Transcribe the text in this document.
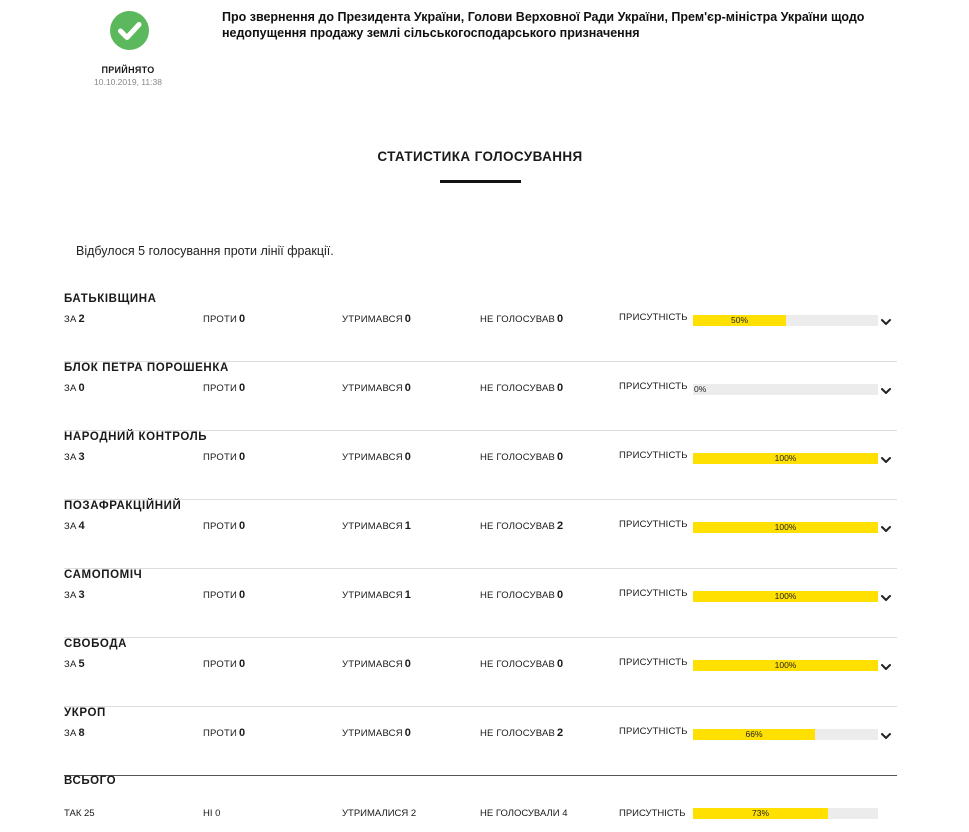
ПРИЙНЯТО
10.10.2019, 11:38
Про звернення до Президента України, Голови Верховної Ради України, Прем'єр-міністра України щодо недопущення продажу землі сільськогосподарського призначення
СТАТИСТИКА ГОЛОСУВАННЯ
Відбулося 5 голосування проти лінії фракції.
БАТЬКІВЩИНА
ЗА 2	ПРОТИ 0	УТРИМАВСЯ 0	НЕ ГОЛОСУВАВ 0	ПРИСУТНІСТЬ	50%
БЛОК ПЕТРА ПОРОШЕНКА
ЗА 0	ПРОТИ 0	УТРИМАВСЯ 0	НЕ ГОЛОСУВАВ 0	ПРИСУТНІСТЬ 0%
НАРОДНИЙ КОНТРОЛЬ
ЗА 3	ПРОТИ 0	УТРИМАВСЯ 0	НЕ ГОЛОСУВАВ 0	ПРИСУТНІСТЬ	100%
ПОЗАФРАКЦІЙНИЙ
ЗА 4	ПРОТИ 0	УТРИМАВСЯ 1	НЕ ГОЛОСУВАВ 2	ПРИСУТНІСТЬ	100%
САМОПОМІЧ
ЗА 3	ПРОТИ 0	УТРИМАВСЯ 1	НЕ ГОЛОСУВАВ 0	ПРИСУТНІСТЬ	100%
СВОБОДА
ЗА 5	ПРОТИ 0	УТРИМАВСЯ 0	НЕ ГОЛОСУВАВ 0	ПРИСУТНІСТЬ	100%
УКРОП
ЗА 8	ПРОТИ 0	УТРИМАВСЯ 0	НЕ ГОЛОСУВАВ 2	ПРИСУТНІСТЬ	66%
ВСЬОГО
ТАК 25	НІ 0	УТРИМАЛИСЯ 2	НЕ ГОЛОСУВАЛИ 4	ПРИСУТНІСТЬ	73%
